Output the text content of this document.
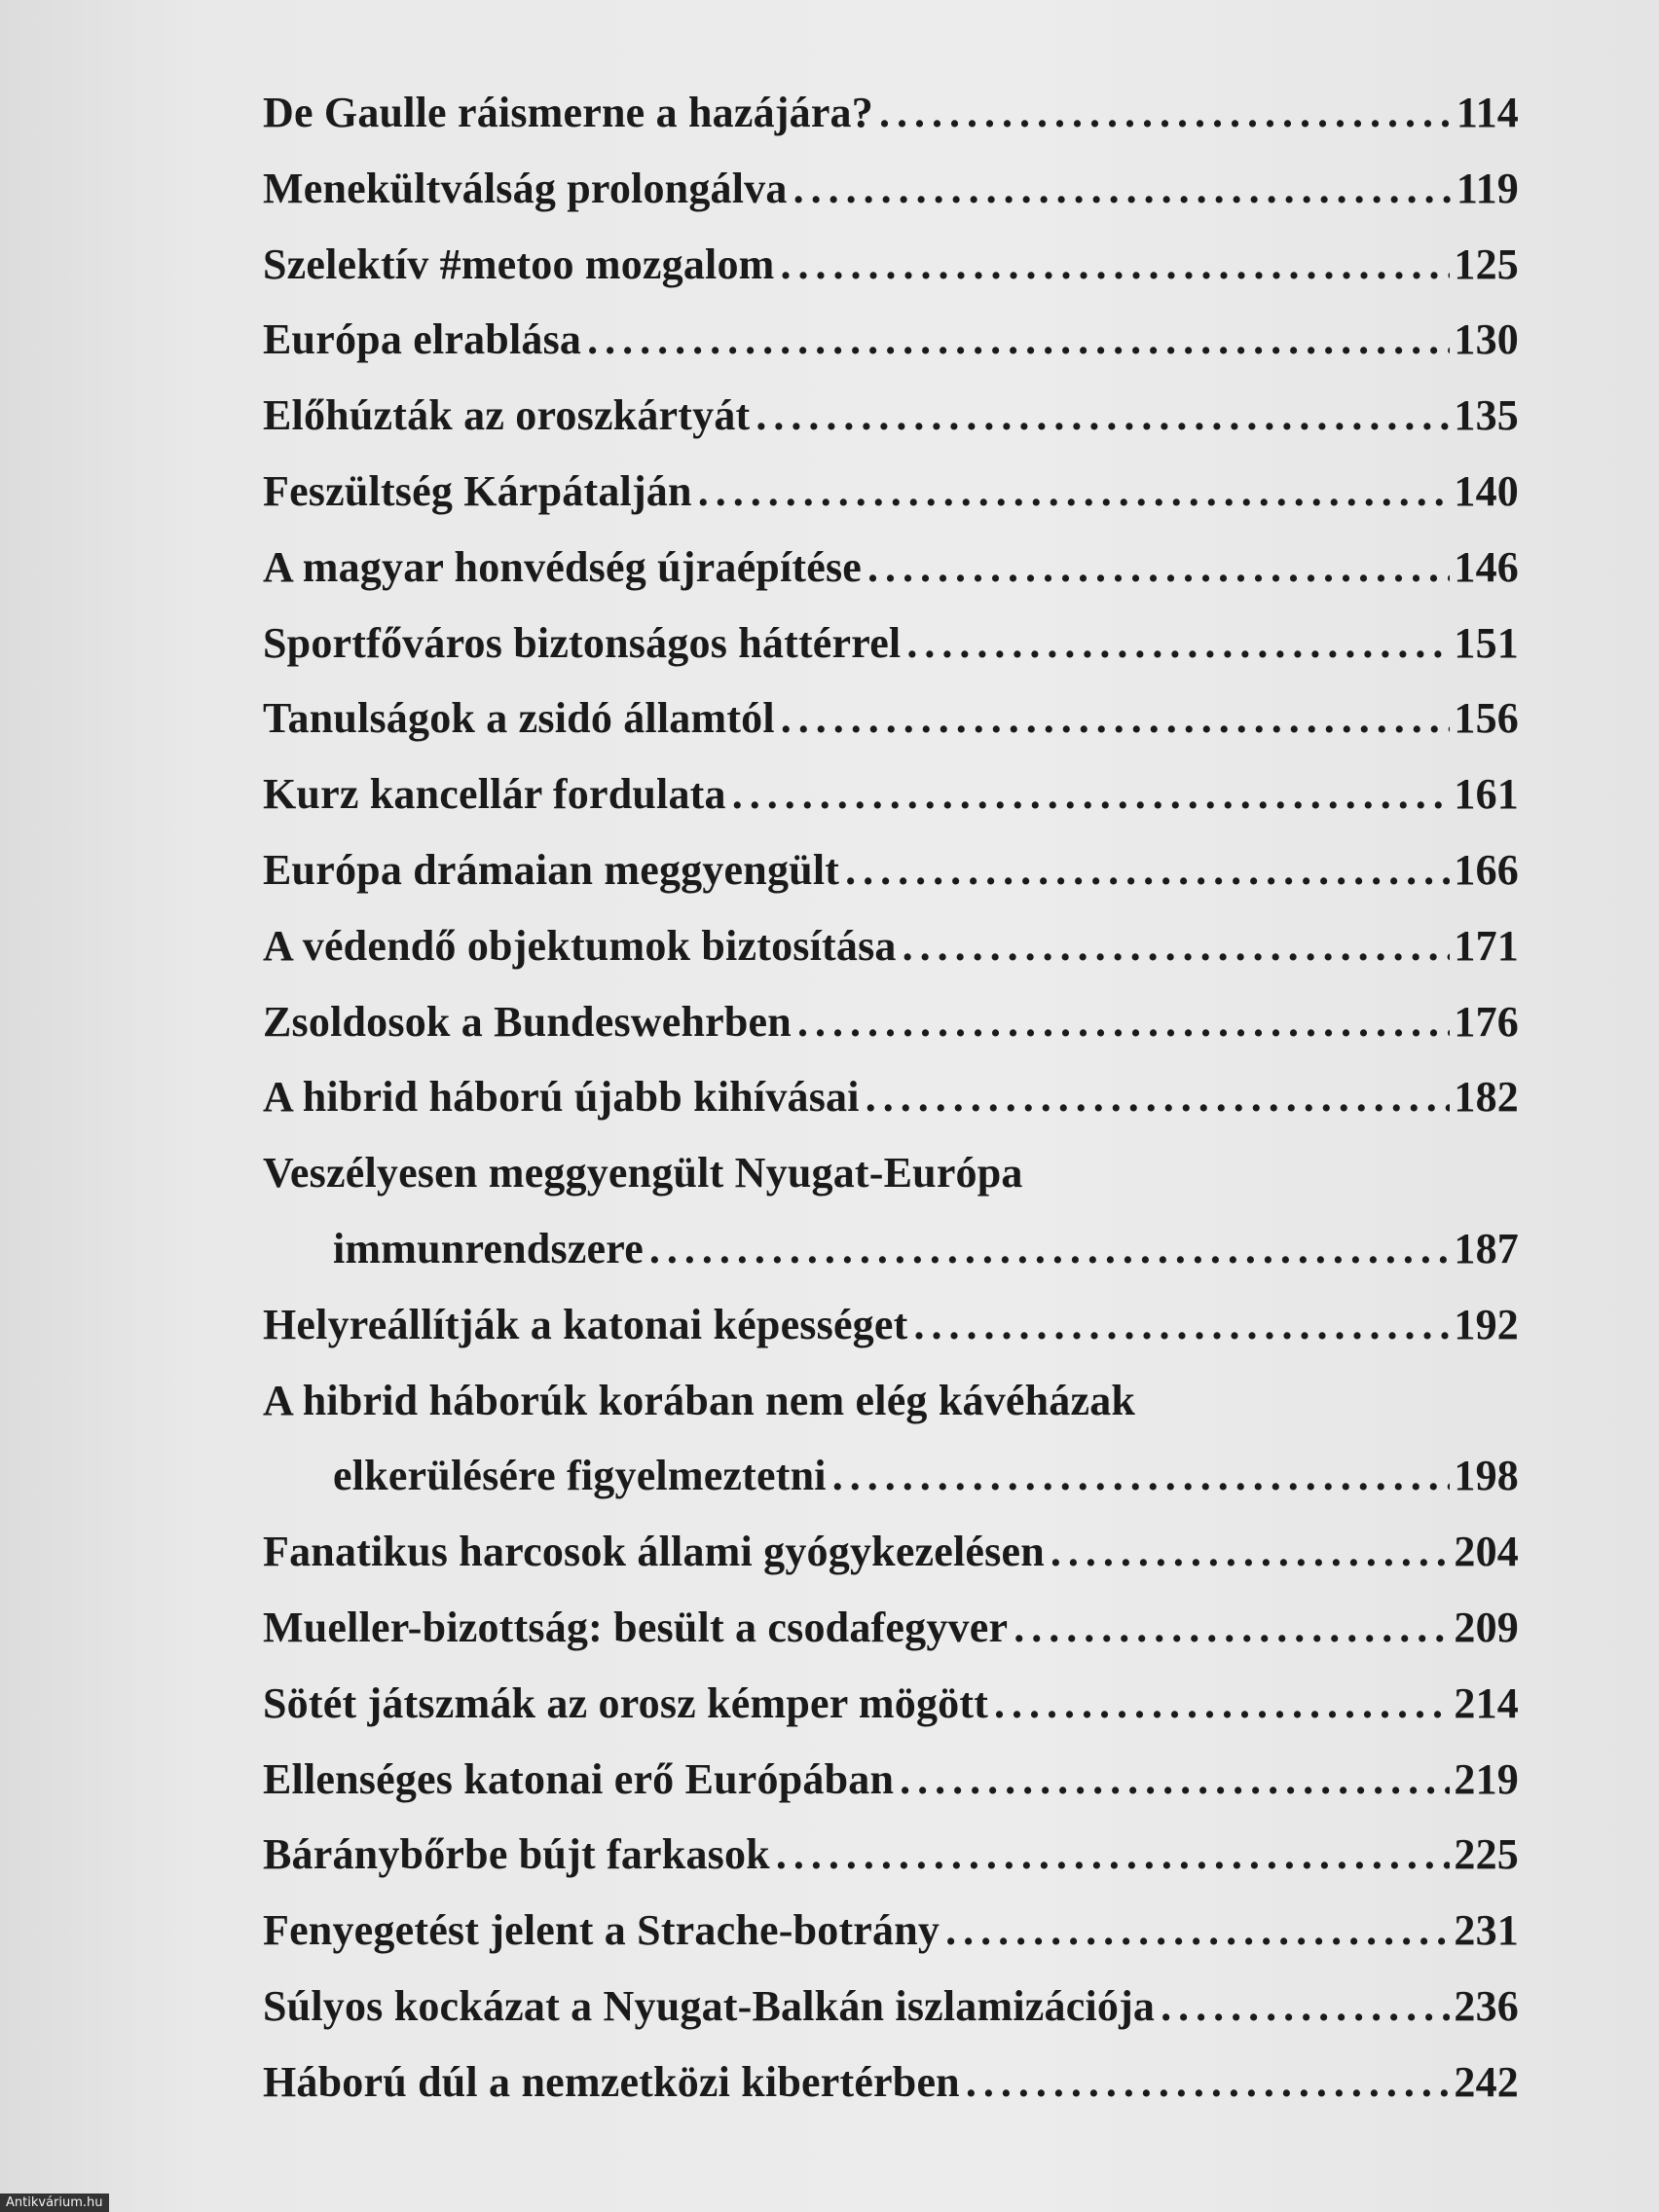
De Gaulle ráismerne a hazájára? . . .	114
Menekültválság prolongálva . . .	119
Szelektív #metoo mozgalom . . .	125
Európa elrablása . . .	130
Előhúzták az oroszkártyát . . .	135
Feszültség Kárpátalján . . .	140
A magyar honvédség újraépítése . . .	146
Sportfőváros biztonságos háttérrel . . .	151
Tanulságok a zsidó államtól . . .	156
Kurz kancellár fordulata . . .	161
Európa drámaian meggyengült . . .	166
A védendő objektumok biztosítása . . .	171
Zsoldosok a Bundeswehrben . . .	176
A hibrid háború újabb kihívásai . . .	182
Veszélyesen meggyengült Nyugat-Európa
immunrendszere . . .	187
Helyreállítják a katonai képességet . . .	192
A hibrid háborúk korában nem elég kávéházak
elkerülésére figyelmeztetni . . .	198
Fanatikus harcosok állami gyógykezelésen . . .	204
Mueller-bizottság: besült a csodafegyver . . .	209
Sötét játszmák az orosz kémper mögött . . .	214
Ellenséges katonai erő Európában . . .	219
Báránybőrbe bújt farkasok . . .	225
Fenyegetést jelent a Strache-botrány . . .	231
Súlyos kockázat a Nyugat-Balkán iszlamizációja . . .	236
Háború dúl a nemzetközi kibertérben . . .	242
Antikvárium.hu
